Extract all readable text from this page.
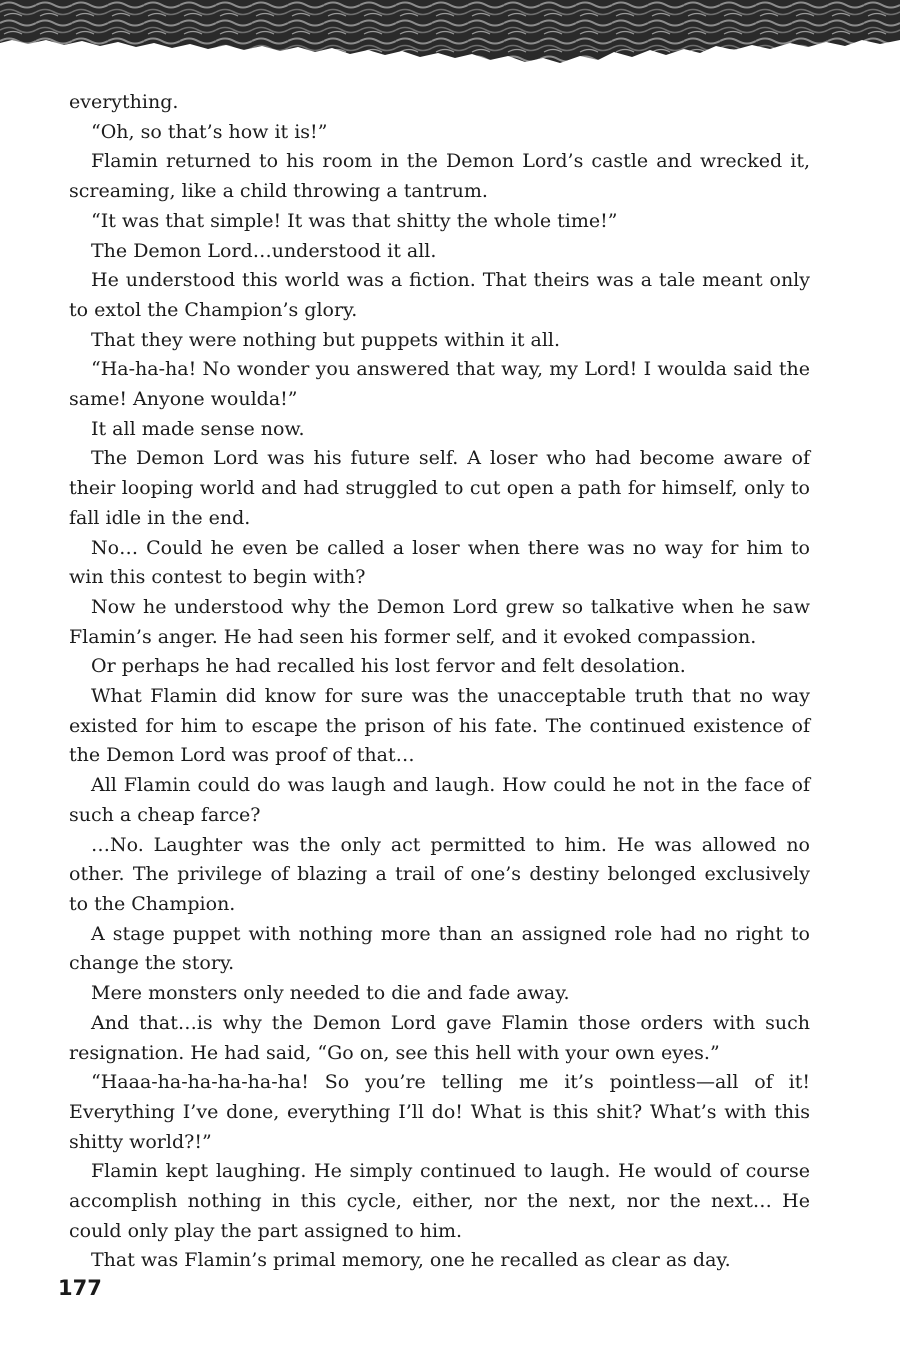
everything.

“Oh, so that’s how it is!”

Flamin returned to his room in the Demon Lord’s castle and wrecked it, screaming, like a child throwing a tantrum.

“It was that simple! It was that shitty the whole time!”

The Demon Lord…understood it all.

He understood this world was a fiction. That theirs was a tale meant only to extol the Champion’s glory.

That they were nothing but puppets within it all.

“Ha-ha-ha! No wonder you answered that way, my Lord! I woulda said the same! Anyone woulda!”

It all made sense now.

The Demon Lord was his future self. A loser who had become aware of their looping world and had struggled to cut open a path for himself, only to fall idle in the end.

No… Could he even be called a loser when there was no way for him to win this contest to begin with?

Now he understood why the Demon Lord grew so talkative when he saw Flamin’s anger. He had seen his former self, and it evoked compassion.

Or perhaps he had recalled his lost fervor and felt desolation.

What Flamin did know for sure was the unacceptable truth that no way existed for him to escape the prison of his fate. The continued existence of the Demon Lord was proof of that…

All Flamin could do was laugh and laugh. How could he not in the face of such a cheap farce?

…No. Laughter was the only act permitted to him. He was allowed no other. The privilege of blazing a trail of one’s destiny belonged exclusively to the Champion.

A stage puppet with nothing more than an assigned role had no right to change the story.

Mere monsters only needed to die and fade away.

And that…is why the Demon Lord gave Flamin those orders with such resignation. He had said, “Go on, see this hell with your own eyes.”

“Haaa-ha-ha-ha-ha-ha! So you’re telling me it’s pointless—all of it! Everything I’ve done, everything I’ll do! What is this shit? What’s with this shitty world?!”

Flamin kept laughing. He simply continued to laugh. He would of course accomplish nothing in this cycle, either, nor the next, nor the next… He could only play the part assigned to him.

That was Flamin’s primal memory, one he recalled as clear as day.

177
